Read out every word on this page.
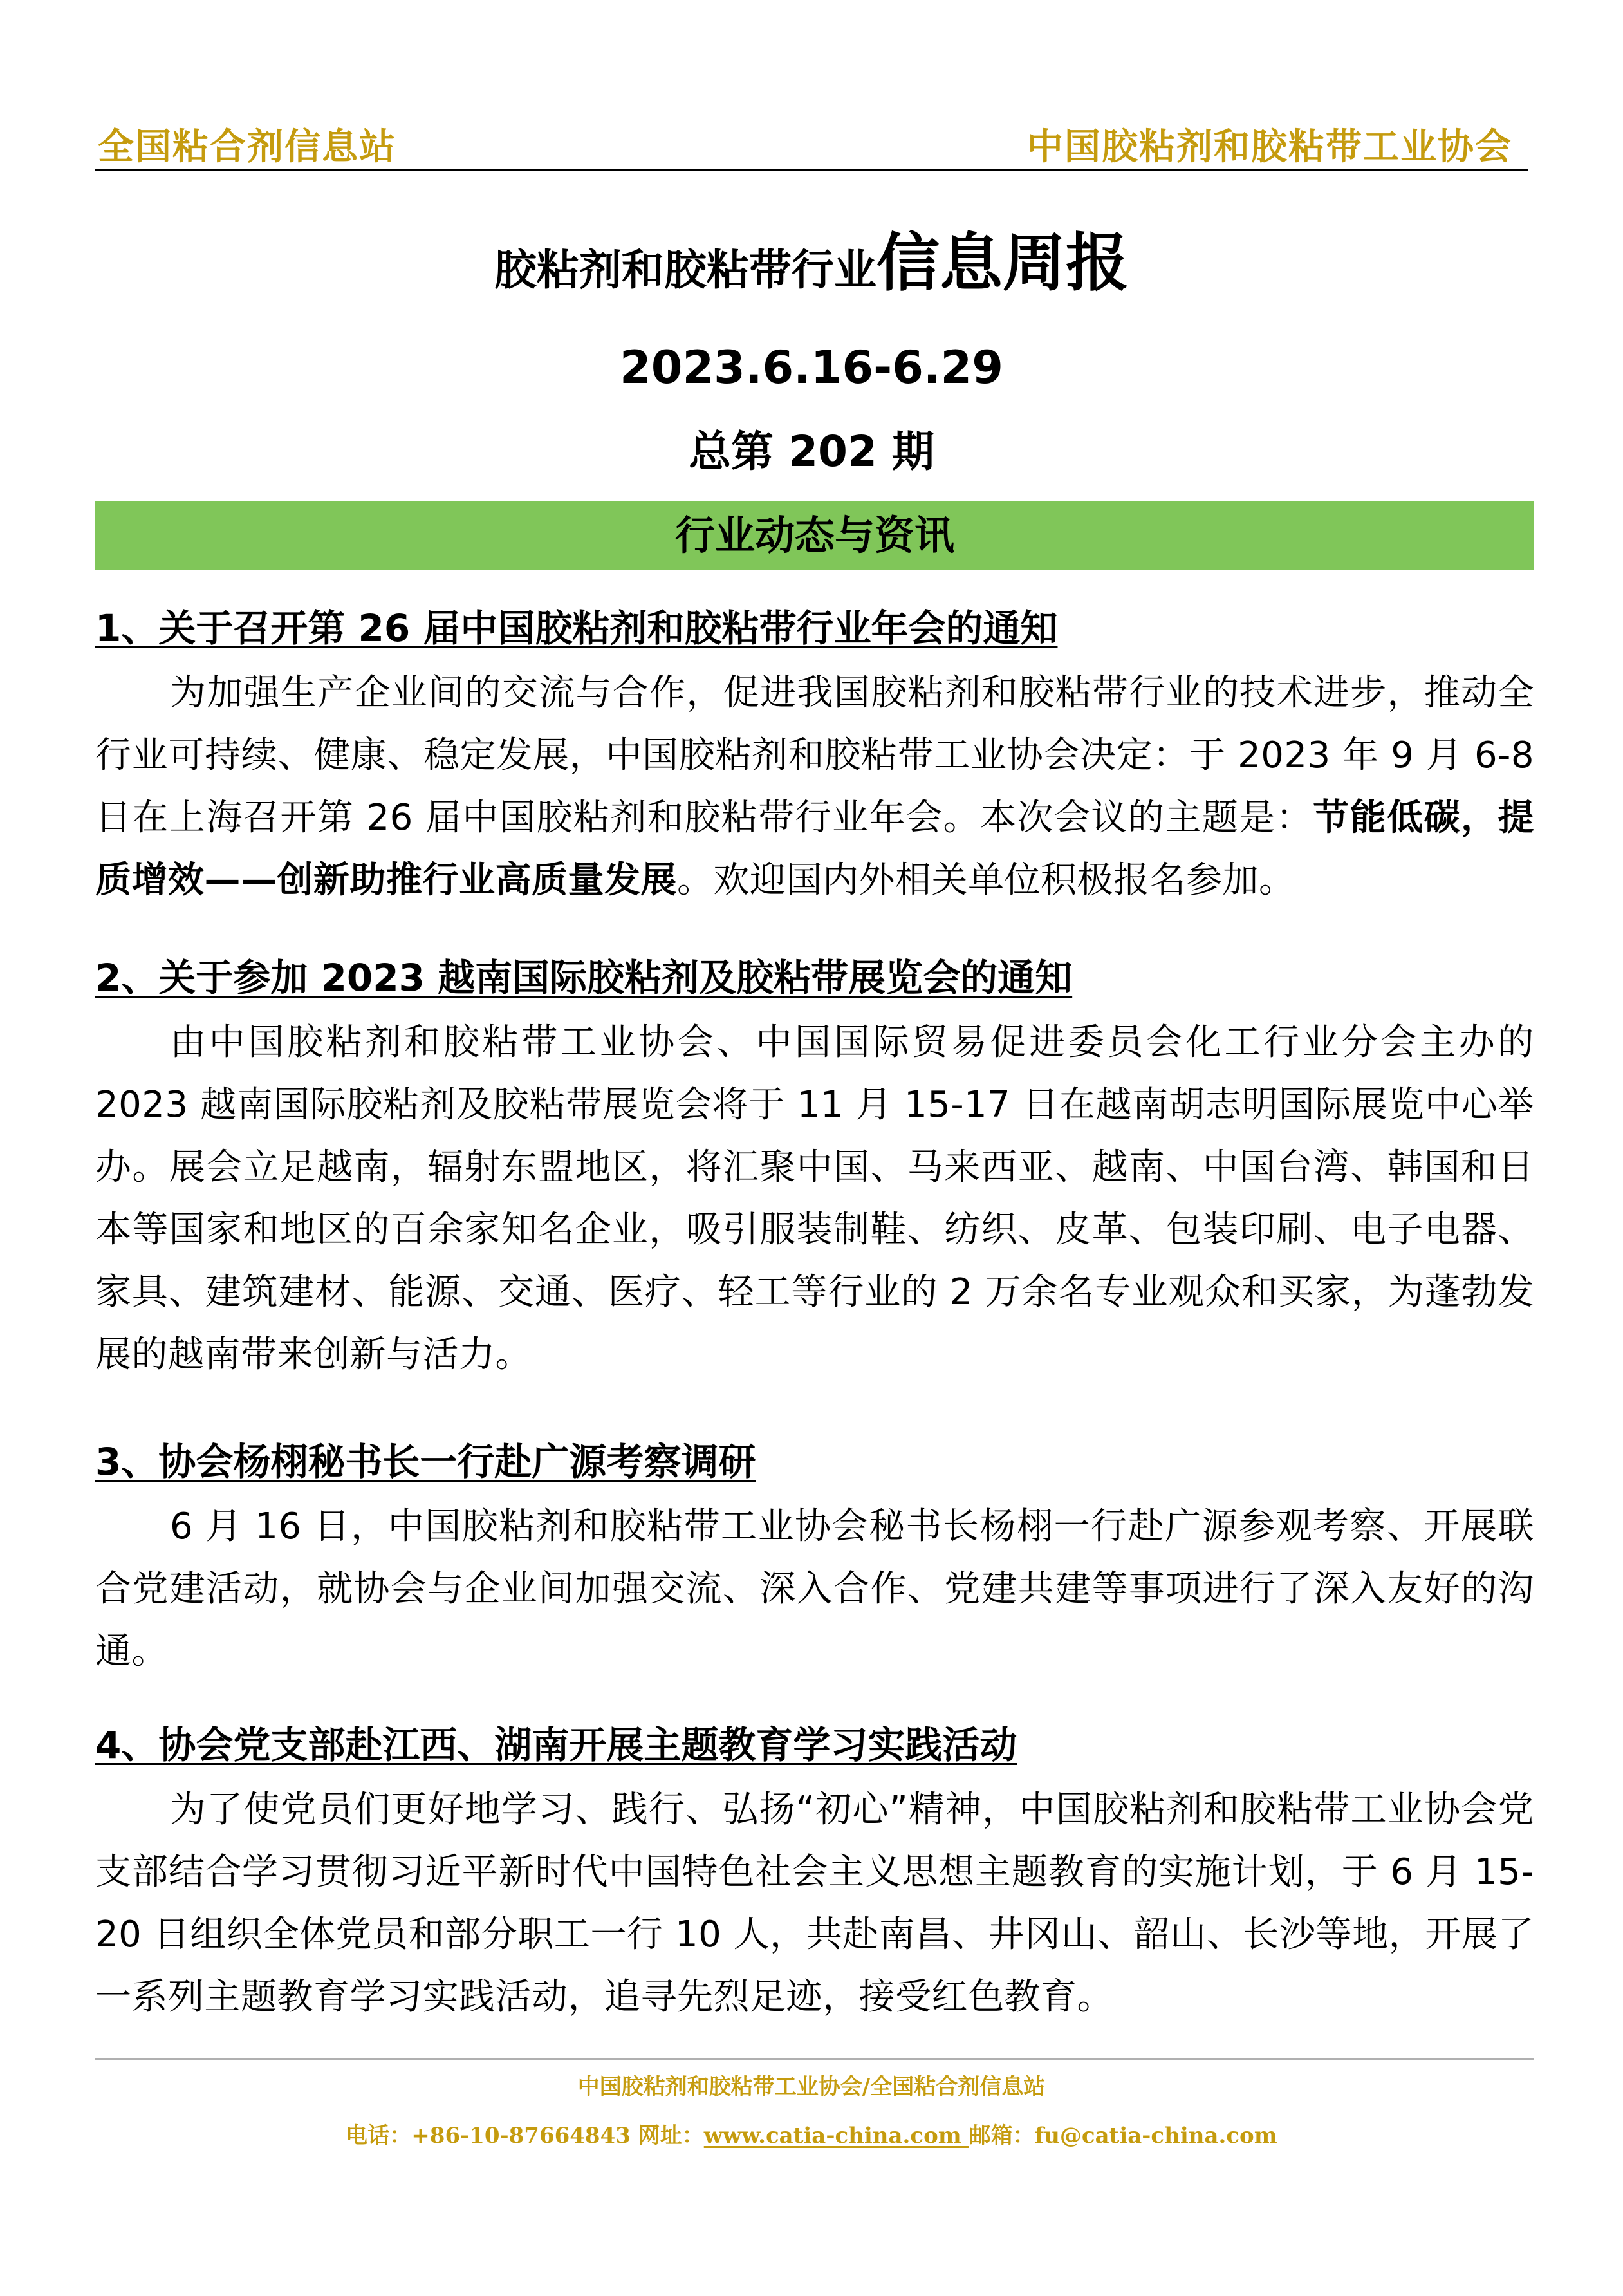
全国粘合剂信息站	中国胶粘剂和胶粘带工业协会
胶粘剂和胶粘带行业信息周报
2023.6.16-6.29
总第 202 期
行业动态与资讯
1、关于召开第 26 届中国胶粘剂和胶粘带行业年会的通知

为加强生产企业间的交流与合作，促进我国胶粘剂和胶粘带行业的技术进步，推动全行业可持续、健康、稳定发展，中国胶粘剂和胶粘带工业协会决定：于 2023 年 9 月 6-8 日在上海召开第 26 届中国胶粘剂和胶粘带行业年会。本次会议的主题是：节能低碳，提质增效——创新助推行业高质量发展。欢迎国内外相关单位积极报名参加。

2、关于参加 2023 越南国际胶粘剂及胶粘带展览会的通知

由中国胶粘剂和胶粘带工业协会、中国国际贸易促进委员会化工行业分会主办的 2023 越南国际胶粘剂及胶粘带展览会将于 11 月 15-17 日在越南胡志明国际展览中心举办。展会立足越南，辐射东盟地区，将汇聚中国、马来西亚、越南、中国台湾、韩国和日本等国家和地区的百余家知名企业，吸引服装制鞋、纺织、皮革、包装印刷、电子电器、家具、建筑建材、能源、交通、医疗、轻工等行业的 2 万余名专业观众和买家，为蓬勃发展的越南带来创新与活力。

3、协会杨栩秘书长一行赴广源考察调研

6 月 16 日，中国胶粘剂和胶粘带工业协会秘书长杨栩一行赴广源参观考察、开展联合党建活动，就协会与企业间加强交流、深入合作、党建共建等事项进行了深入友好的沟通。

4、协会党支部赴江西、湖南开展主题教育学习实践活动

为了使党员们更好地学习、践行、弘扬“初心”精神，中国胶粘剂和胶粘带工业协会党支部结合学习贯彻习近平新时代中国特色社会主义思想主题教育的实施计划，于 6 月 15-20 日组织全体党员和部分职工一行 10 人，共赴南昌、井冈山、韶山、长沙等地，开展了一系列主题教育学习实践活动，追寻先烈足迹，接受红色教育。

中国胶粘剂和胶粘带工业协会/全国粘合剂信息站
电话：+86-10-87664843 网址：www.catia-china.com 邮箱：fu@catia-china.com
